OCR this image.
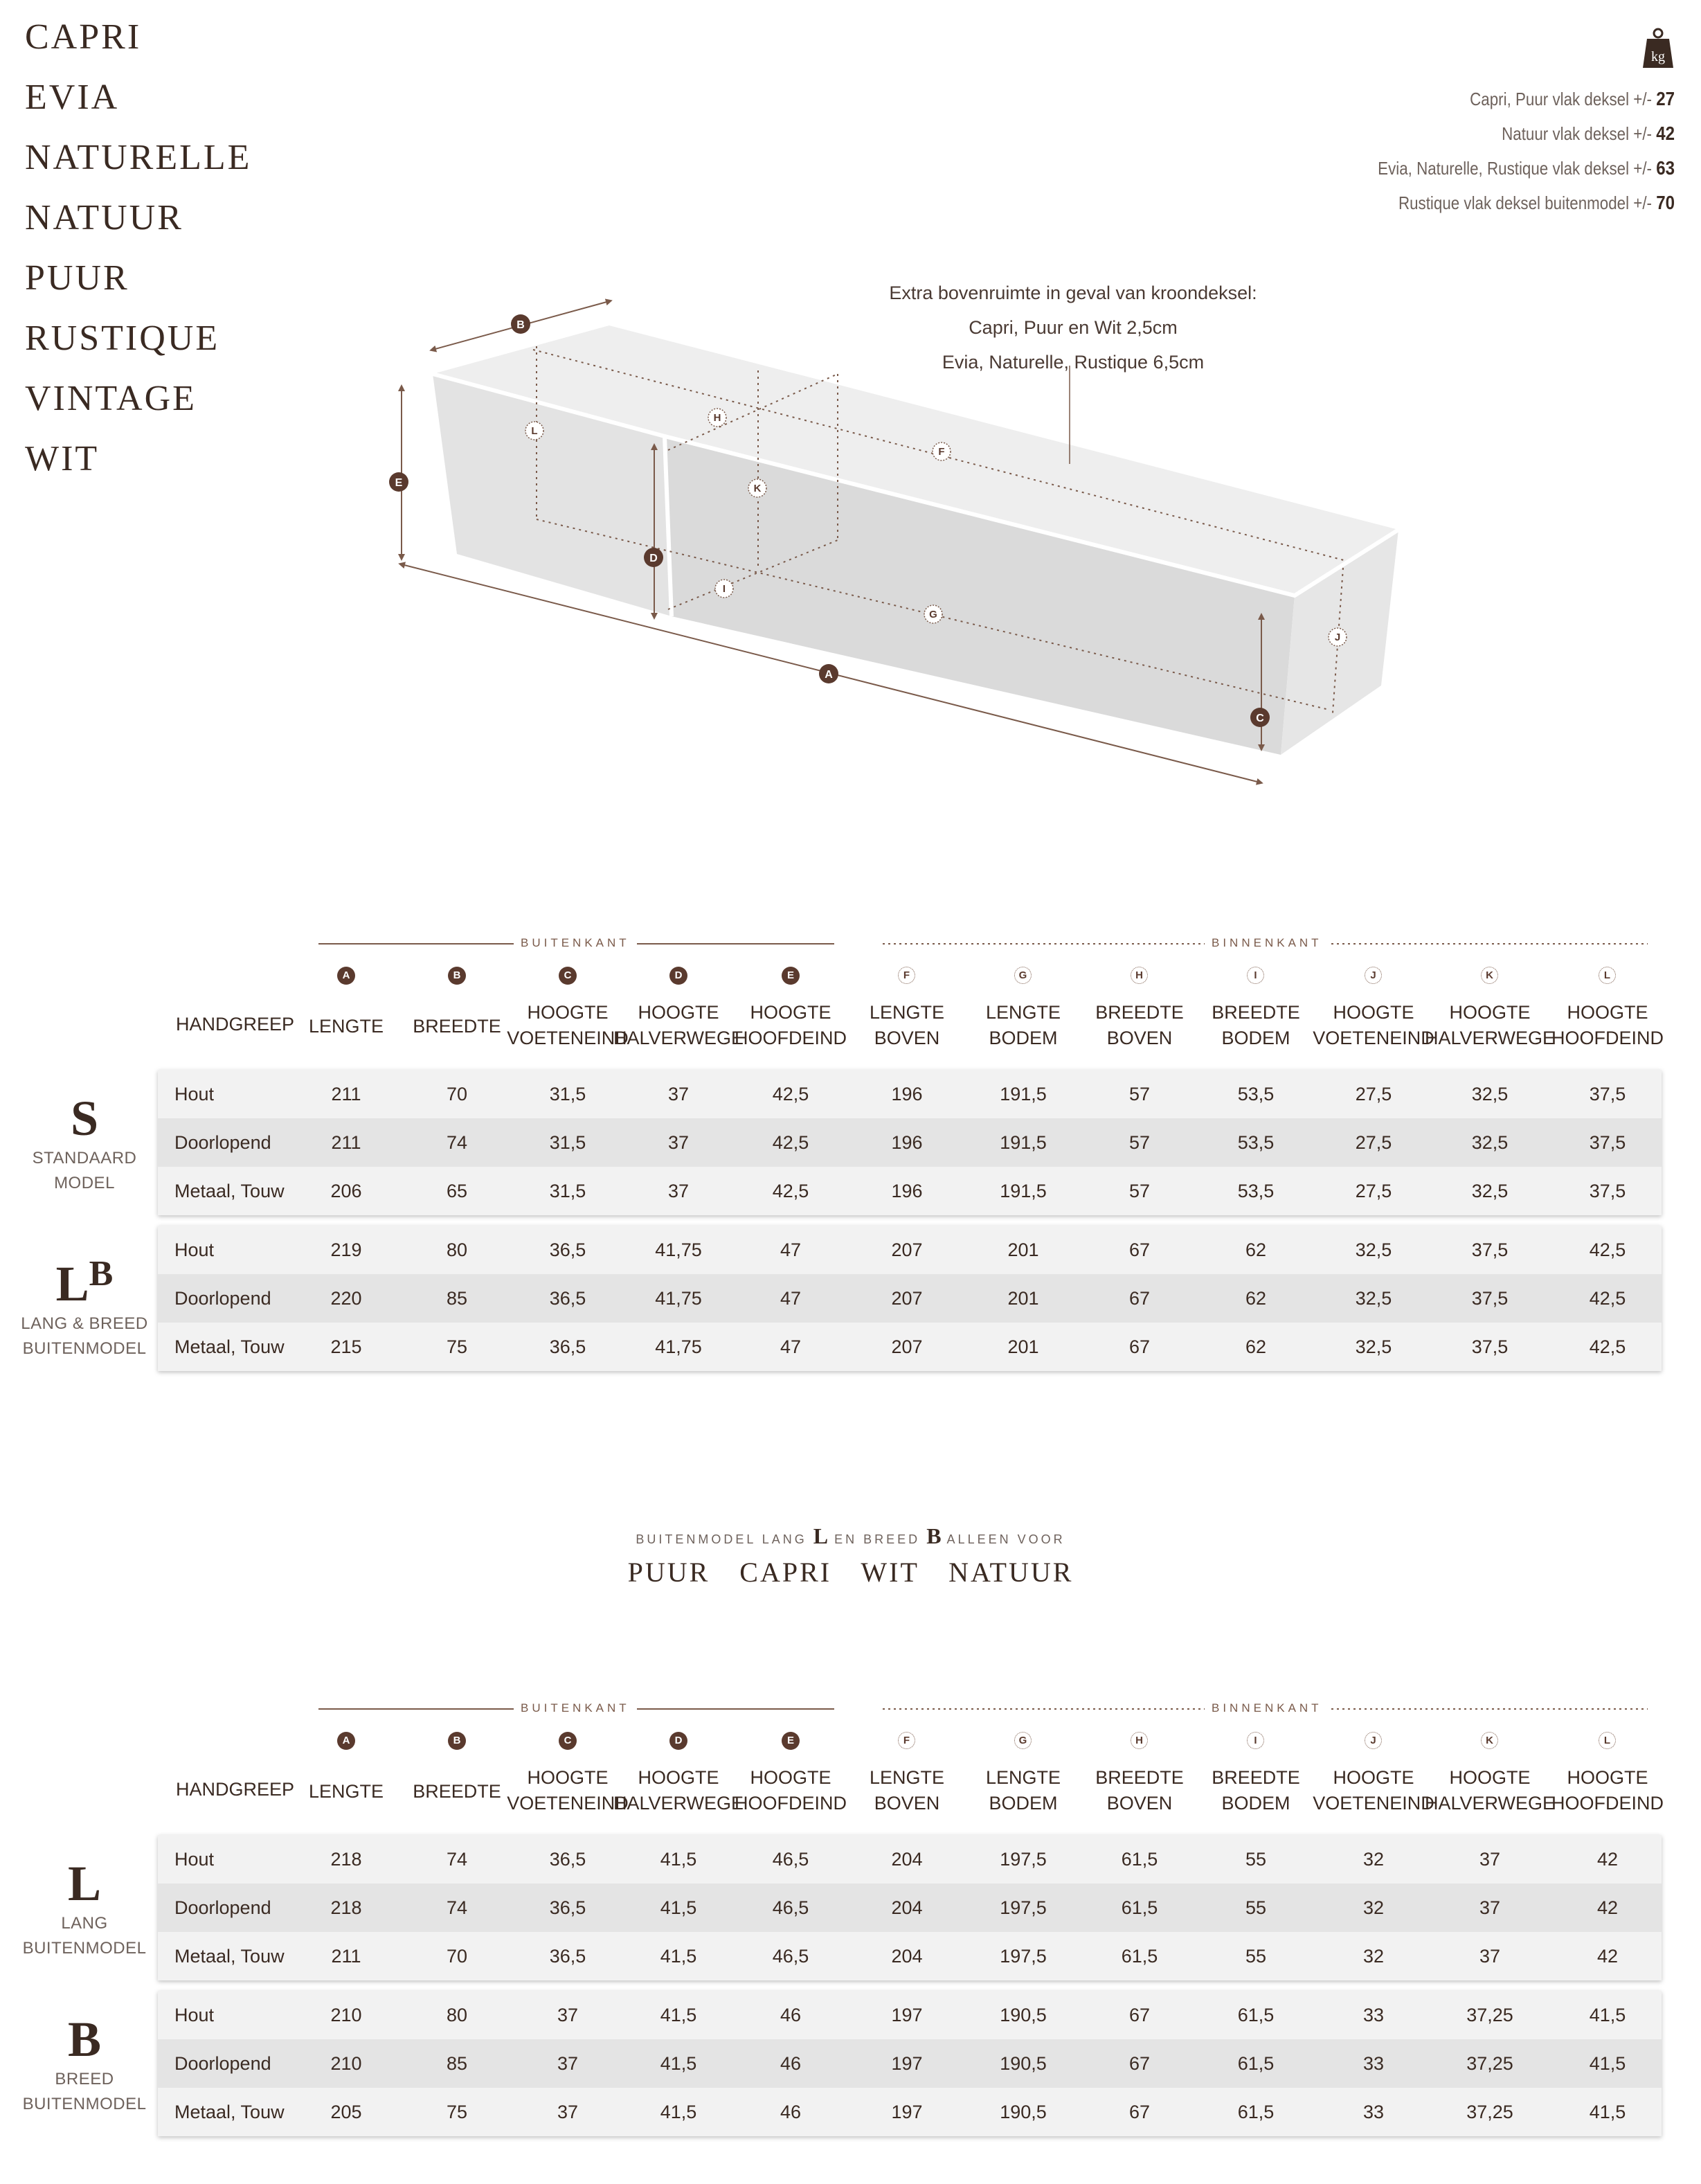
CAPRI
EVIA
NATURELLE
NATUUR
PUUR
RUSTIQUE
VINTAGE
WIT
kg
Capri, Puur vlak deksel +/- 27
Natuur vlak deksel +/- 42
Evia, Naturelle, Rustique vlak deksel +/- 63
Rustique vlak deksel buitenmodel +/- 70
B
E
D
A
C
L
H
K
F
I
G
J
Extra bovenruimte in geval van kroondeksel:
Capri, Puur en Wit 2,5cm
Evia, Naturelle, Rustique 6,5cm
BUITENKANT	BINNENKANT
HANDGREEP
A
LENGTE
B
BREEDTE
C
HOOGTE
VOETENEIND
D
HOOGTE
HALVERWEGE
E
HOOGTE
HOOFDEIND
F
LENGTE
BOVEN
G
LENGTE
BODEM
H
BREEDTE
BOVEN
I
BREEDTE
BODEM
J
HOOGTE
VOETENEIND
K
HOOGTE
HALVERWEGE
L
HOOGTE
HOOFDEIND
Hout	211	70	31,5	37	42,5	196	191,5	57	53,5	27,5	32,5	37,5
Doorlopend	211	74	31,5	37	42,5	196	191,5	57	53,5	27,5	32,5	37,5
Metaal, Touw	206	65	31,5	37	42,5	196	191,5	57	53,5	27,5	32,5	37,5
S
STANDAARD
MODEL
Hout	219	80	36,5	41,75	47	207	201	67	62	32,5	37,5	42,5
Doorlopend	220	85	36,5	41,75	47	207	201	67	62	32,5	37,5	42,5
Metaal, Touw	215	75	36,5	41,75	47	207	201	67	62	32,5	37,5	42,5
$L^B$
LANG & BREED
BUITENMODEL
BUITENMODEL LANG L EN BREED B ALLEEN VOOR
PUUR CAPRI WIT NATUUR
BUITENKANT	BINNENKANT
HANDGREEP
A
LENGTE
B
BREEDTE
C
HOOGTE
VOETENEIND
D
HOOGTE
HALVERWEGE
E
HOOGTE
HOOFDEIND
F
LENGTE
BOVEN
G
LENGTE
BODEM
H
BREEDTE
BOVEN
I
BREEDTE
BODEM
J
HOOGTE
VOETENEIND
K
HOOGTE
HALVERWEGE
L
HOOGTE
HOOFDEIND
Hout	218	74	36,5	41,5	46,5	204	197,5	61,5	55	32	37	42
Doorlopend	218	74	36,5	41,5	46,5	204	197,5	61,5	55	32	37	42
Metaal, Touw	211	70	36,5	41,5	46,5	204	197,5	61,5	55	32	37	42
L
LANG
BUITENMODEL
Hout	210	80	37	41,5	46	197	190,5	67	61,5	33	37,25	41,5
Doorlopend	210	85	37	41,5	46	197	190,5	67	61,5	33	37,25	41,5
Metaal, Touw	205	75	37	41,5	46	197	190,5	67	61,5	33	37,25	41,5
B
BREED
BUITENMODEL
